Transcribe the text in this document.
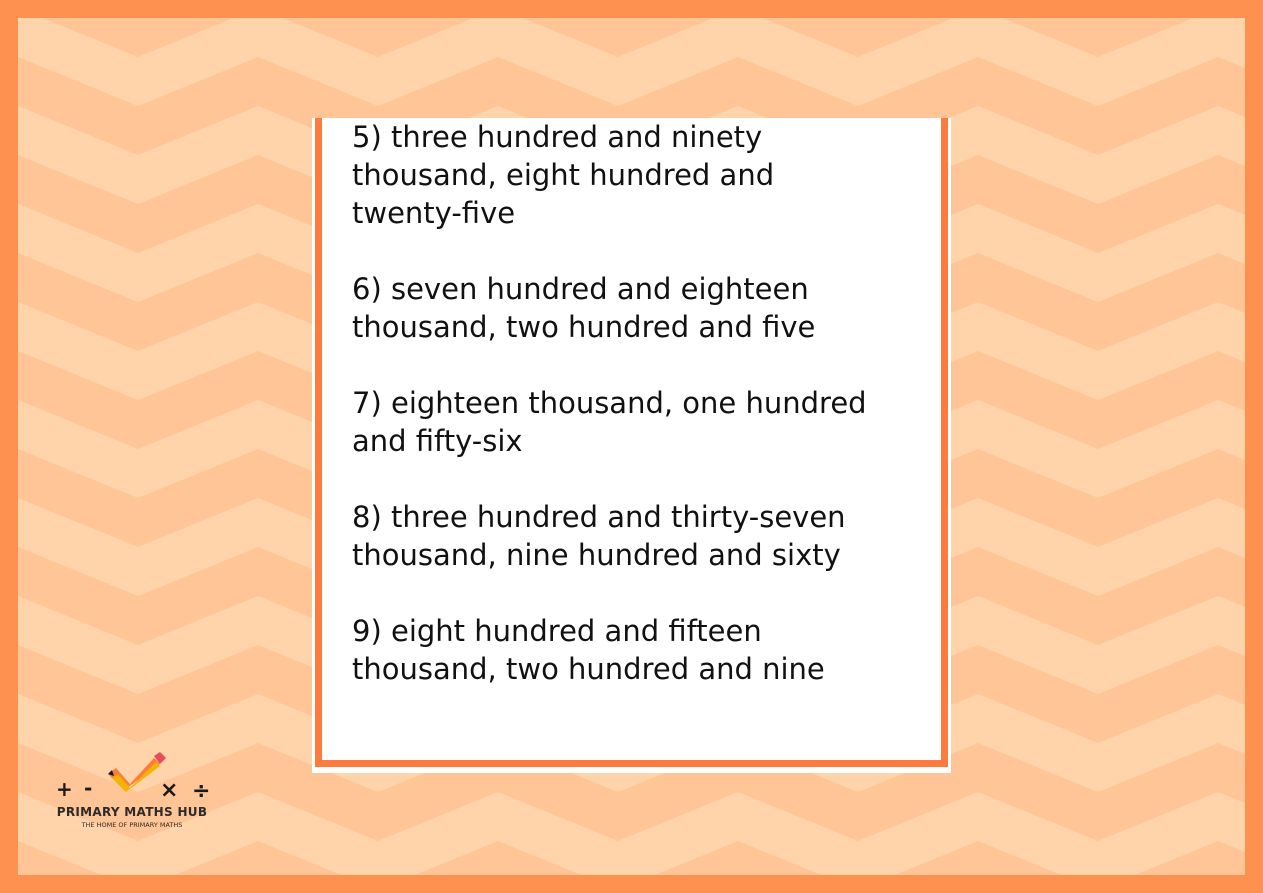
5) three hundred and ninety
thousand, eight hundred and
twenty-five
6) seven hundred and eighteen
thousand, two hundred and five
7) eighteen thousand, one hundred
and fifty-six
8) three hundred and thirty-seven
thousand, nine hundred and sixty
9) eight hundred and fifteen
thousand, two hundred and nine
+ -	× ÷
PRIMARY MATHS HUB
THE HOME OF PRIMARY MATHS
